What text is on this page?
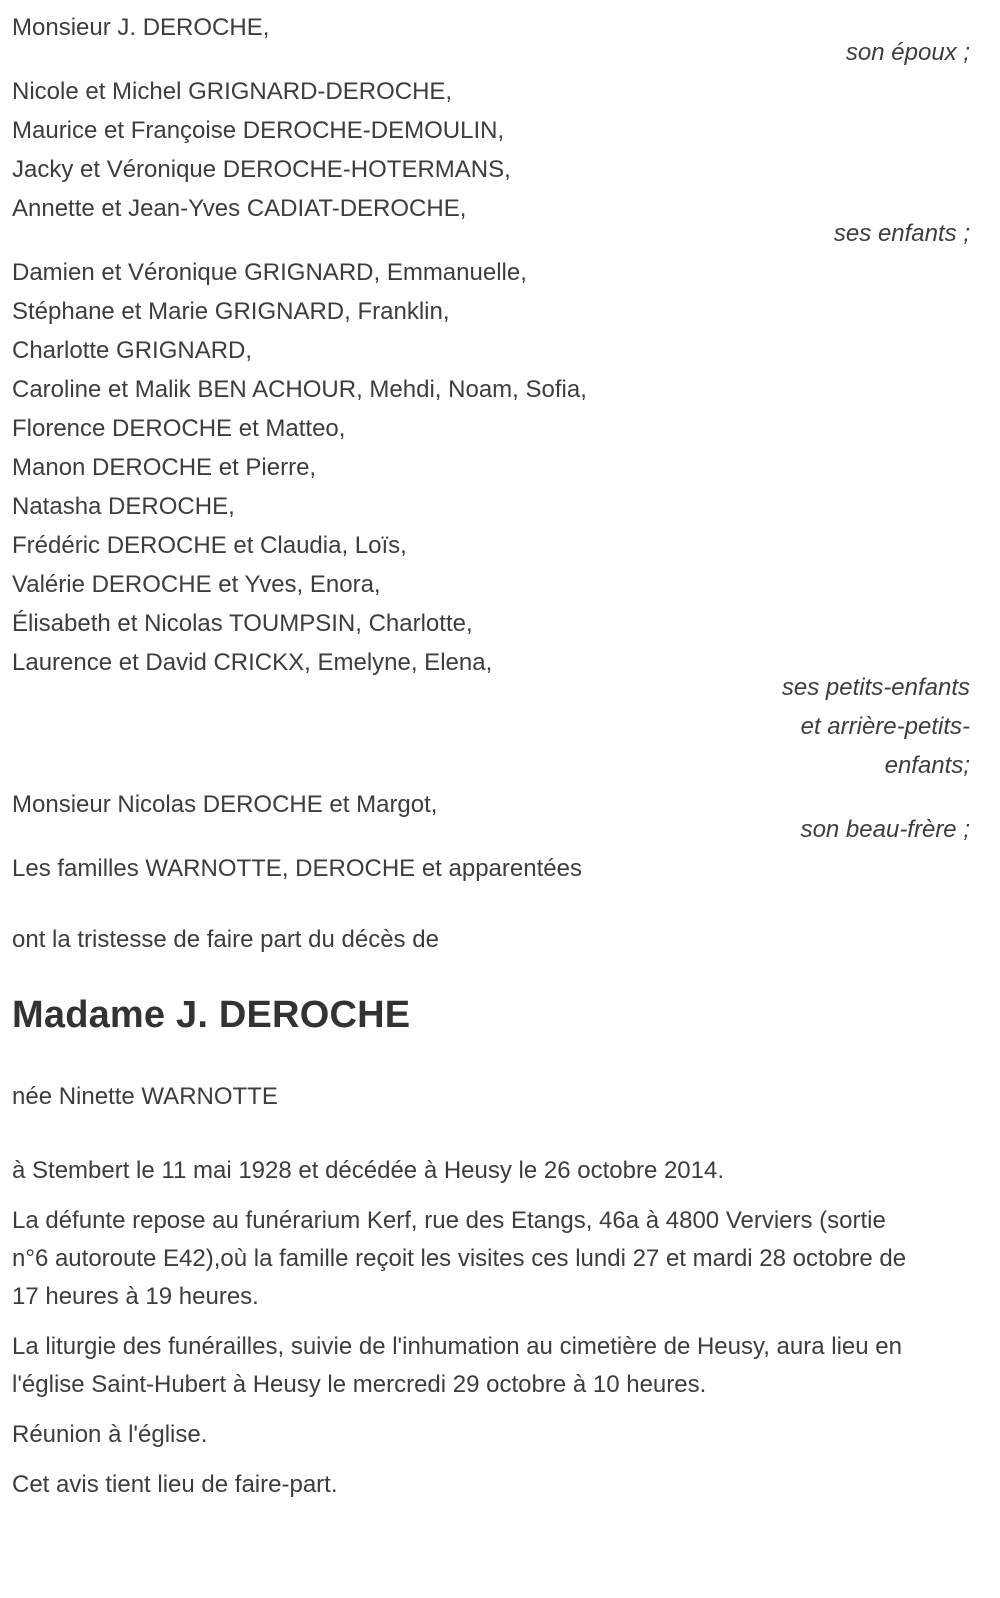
Monsieur J. DEROCHE,

son époux ;

Nicole et Michel GRIGNARD-DEROCHE,

Maurice et Françoise DEROCHE-DEMOULIN,

Jacky et Véronique DEROCHE-HOTERMANS,

Annette et Jean-Yves CADIAT-DEROCHE,

ses enfants ;

Damien et Véronique GRIGNARD, Emmanuelle,

Stéphane et Marie GRIGNARD, Franklin,

Charlotte GRIGNARD,

Caroline et Malik BEN ACHOUR, Mehdi, Noam, Sofia,

Florence DEROCHE et Matteo,

Manon DEROCHE et Pierre,

Natasha DEROCHE,

Frédéric DEROCHE et Claudia, Loïs,

Valérie DEROCHE et Yves, Enora,

Élisabeth et Nicolas TOUMPSIN, Charlotte,

Laurence et David CRICKX, Emelyne, Elena,

ses petits-enfants

et arrière-petits-

enfants;

Monsieur Nicolas DEROCHE et Margot,

son beau-frère ;

Les familles WARNOTTE, DEROCHE et apparentées

ont la tristesse de faire part du décès de

Madame J. DEROCHE

née Ninette WARNOTTE

à Stembert le 11 mai 1928 et décédée à Heusy le 26 octobre 2014.

La défunte repose au funérarium Kerf, rue des Etangs, 46a à 4800 Verviers (sortie n°6 autoroute E42),où la famille reçoit les visites ces lundi 27 et mardi 28 octobre de 17 heures à 19 heures.

La liturgie des funérailles, suivie de l'inhumation au cimetière de Heusy, aura lieu en l'église Saint-Hubert à Heusy le mercredi 29 octobre à 10 heures.

Réunion à l'église.

Cet avis tient lieu de faire-part.
